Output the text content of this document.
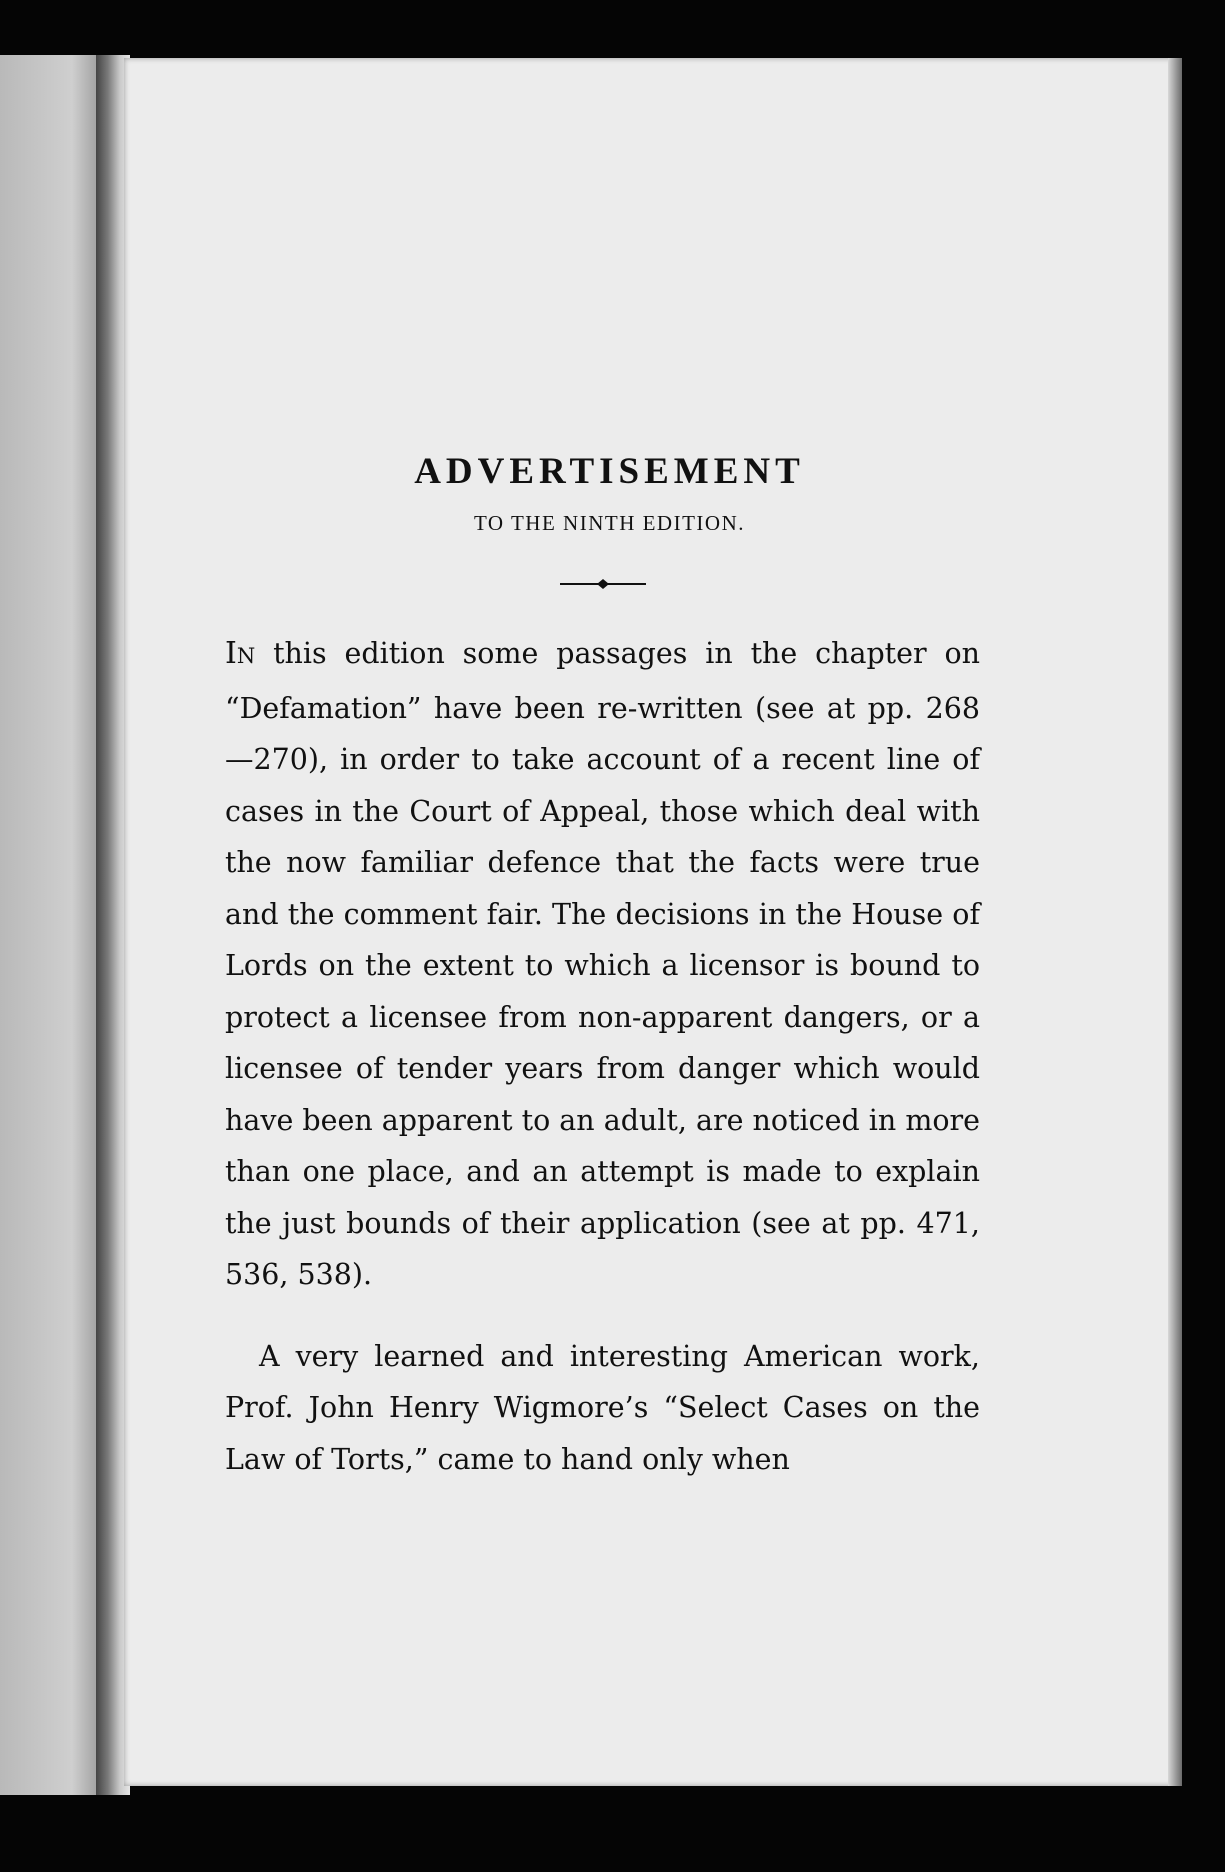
ADVERTISEMENT

TO THE NINTH EDITION.

IN this edition some passages in the chapter on “Defamation” have been re-written (see at pp. 268 —270), in order to take account of a recent line of cases in the Court of Appeal, those which deal with the now familiar defence that the facts were true and the comment fair. The decisions in the House of Lords on the extent to which a licensor is bound to protect a licensee from non-apparent dangers, or a licensee of tender years from danger which would have been apparent to an adult, are noticed in more than one place, and an attempt is made to explain the just bounds of their application (see at pp. 471, 536, 538).

A very learned and interesting American work, Prof. John Henry Wigmore’s “Select Cases on the Law of Torts,” came to hand only when
